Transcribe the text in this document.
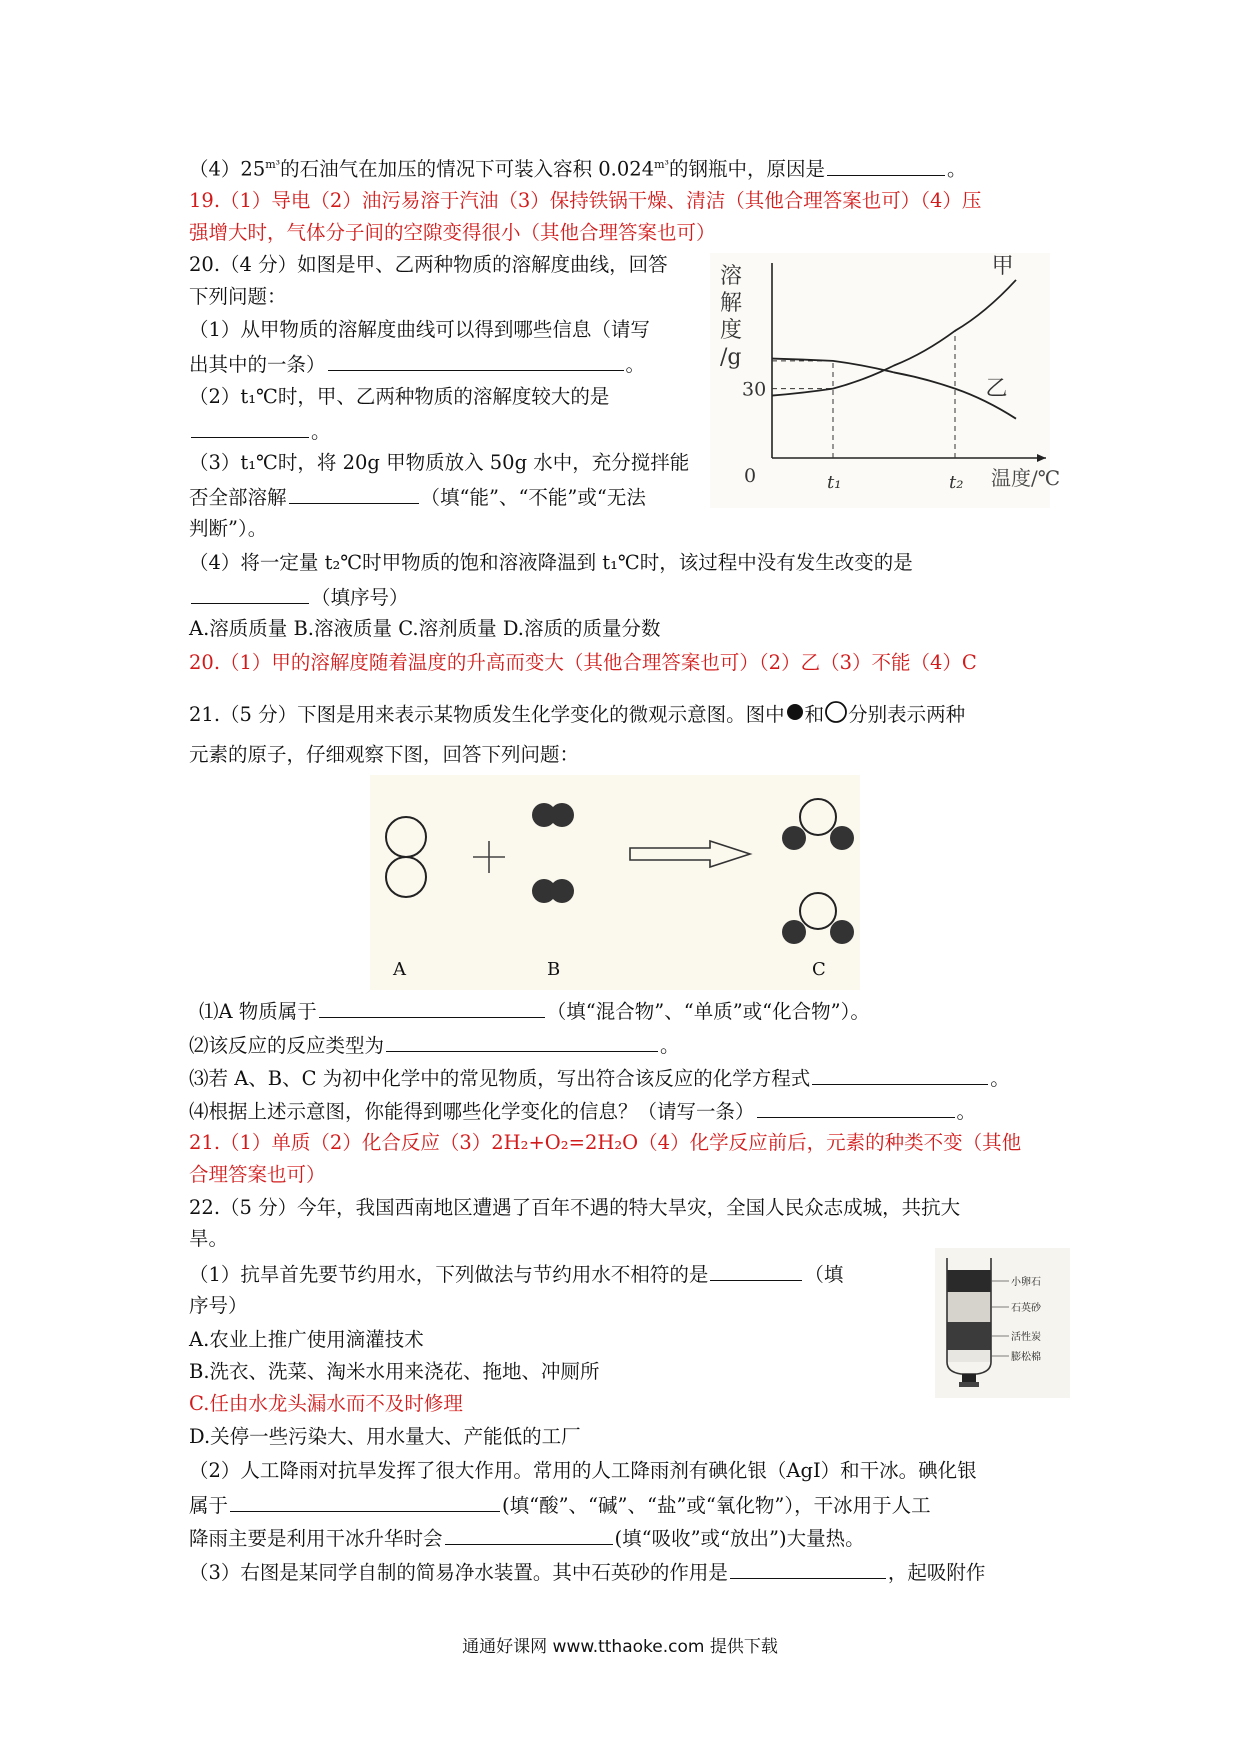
$(4)25^{m^3}$的石油气在加压的情况下可装入容积 $0.024^{m^3}$的钢瓶中，原因是	。
19.（1）导电（2）油污易溶于汽油（3）保持铁锅干燥、清洁（其他合理答案也可）（4）压
强增大时，气体分子间的空隙变得很小（其他合理答案也可）
20.（4 分）如图是甲、乙两种物质的溶解度曲线，回答
下列问题：
（1）从甲物质的溶解度曲线可以得到哪些信息（请写
出其中的一条）	。
（2）t₁℃时，甲、乙两种物质的溶解度较大的是
。
（3）t₁℃时，将 20g 甲物质放入 50g 水中，充分搅拌能
否全部溶解	（填“能”、“不能”或“无法
判断”）。
（4）将一定量 t₂℃时甲物质的饱和溶液降温到 t₁℃时，该过程中没有发生改变的是
（填序号）
A.溶质质量 B.溶液质量 C.溶剂质量 D.溶质的质量分数
20.（1）甲的溶解度随着温度的升高而变大（其他合理答案也可）（2）乙（3）不能（4）C
溶
解
度
/g
温度/℃
0
30
t₁	t₂
甲
乙
21.（5 分）下图是用来表示某物质发生化学变化的微观示意图。图中 和 分别表示两种
元素的原子，仔细观察下图，回答下列问题：
A	B	C
⑴A 物质属于	（填“混合物”、“单质”或“化合物”）。
⑵该反应的反应类型为	。
⑶若 A、B、C 为初中化学中的常见物质，写出符合该反应的化学方程式	。
⑷根据上述示意图，你能得到哪些化学变化的信息？（请写一条）	。
21.（1）单质（2）化合反应（3）2H₂+O₂=2H₂O（4）化学反应前后，元素的种类不变（其他
合理答案也可）
22.（5 分）今年，我国西南地区遭遇了百年不遇的特大旱灾，全国人民众志成城，共抗大
旱。
（1）抗旱首先要节约用水，下列做法与节约用水不相符的是	（填
序号）
A.农业上推广使用滴灌技术
B.洗衣、洗菜、淘米水用来浇花、拖地、冲厕所
C.任由水龙头漏水而不及时修理
D.关停一些污染大、用水量大、产能低的工厂
（2）人工降雨对抗旱发挥了很大作用。常用的人工降雨剂有碘化银（AgI）和干冰。碘化银
属于	(填“酸”、“碱”、“盐”或“氧化物”），干冰用于人工
降雨主要是利用干冰升华时会	(填“吸收”或“放出”)大量热。
（3）右图是某同学自制的简易净水装置。其中石英砂的作用是	，起吸附作
小卵石
石英砂
活性炭
膨松棉
通通好课网 www.tthaoke.com 提供下载
